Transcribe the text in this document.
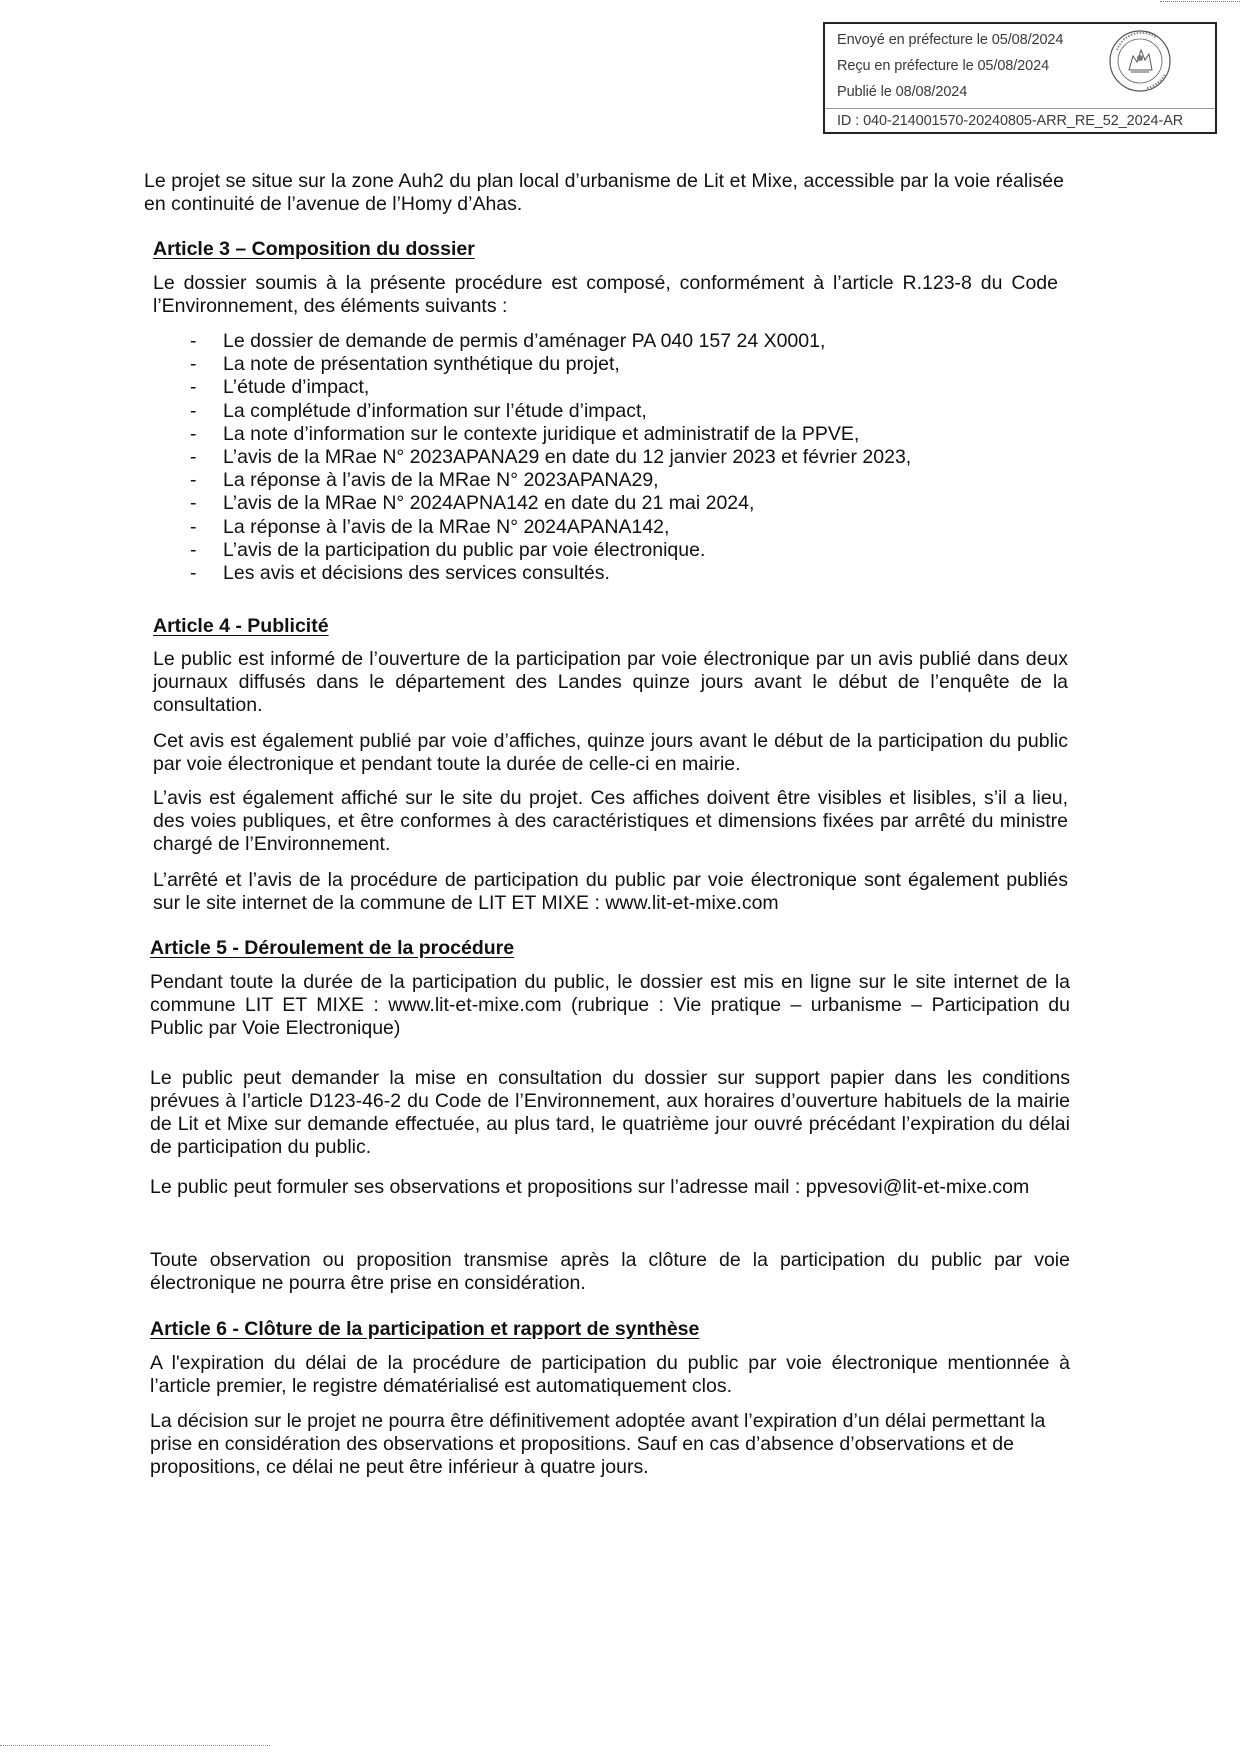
Envoyé en préfecture le 05/08/2024
Reçu en préfecture le 05/08/2024
Publié le 08/08/2024
ID : 040-214001570-20240805-ARR_RE_52_2024-AR

Le projet se situe sur la zone Auh2 du plan local d’urbanisme de Lit et Mixe, accessible par la voie réalisée en continuité de l’avenue de l’Homy d’Ahas.

Article 3 – Composition du dossier

Le dossier soumis à la présente procédure est composé, conformément à l’article R.123-8 du Code l’Environnement, des éléments suivants :

- Le dossier de demande de permis d’aménager PA 040 157 24 X0001,
- La note de présentation synthétique du projet,
- L’étude d’impact,
- La complétude d’information sur l’étude d’impact,
- La note d’information sur le contexte juridique et administratif de la PPVE,
- L’avis de la MRae N° 2023APANA29 en date du 12 janvier 2023 et février 2023,
- La réponse à l’avis de la MRae N° 2023APANA29,
- L’avis de la MRae N° 2024APNA142 en date du 21 mai 2024,
- La réponse à l’avis de la MRae N° 2024APANA142,
- L’avis de la participation du public par voie électronique.
- Les avis et décisions des services consultés.
Article 4 - Publicité

Le public est informé de l’ouverture de la participation par voie électronique par un avis publié dans deux journaux diffusés dans le département des Landes quinze jours avant le début de l’enquête de la consultation.

Cet avis est également publié par voie d’affiches, quinze jours avant le début de la participation du public par voie électronique et pendant toute la durée de celle-ci en mairie.

L’avis est également affiché sur le site du projet. Ces affiches doivent être visibles et lisibles, s’il a lieu, des voies publiques, et être conformes à des caractéristiques et dimensions fixées par arrêté du ministre chargé de l’Environnement.

L’arrêté et l’avis de la procédure de participation du public par voie électronique sont également publiés sur le site internet de la commune de LIT ET MIXE : www.lit-et-mixe.com

Article 5 - Déroulement de la procédure

Pendant toute la durée de la participation du public, le dossier est mis en ligne sur le site internet de la commune LIT ET MIXE : www.lit-et-mixe.com (rubrique : Vie pratique – urbanisme – Participation du Public par Voie Electronique)

Le public peut demander la mise en consultation du dossier sur support papier dans les conditions prévues à l’article D123-46-2 du Code de l’Environnement, aux horaires d’ouverture habituels de la mairie de Lit et Mixe sur demande effectuée, au plus tard, le quatrième jour ouvré précédant l’expiration du délai de participation du public.

Le public peut formuler ses observations et propositions sur l’adresse mail : ppvesovi@lit-et-mixe.com

Toute observation ou proposition transmise après la clôture de la participation du public par voie électronique ne pourra être prise en considération.

Article 6 - Clôture de la participation et rapport de synthèse

A l'expiration du délai de la procédure de participation du public par voie électronique mentionnée à l’article premier, le registre dématérialisé est automatiquement clos.

La décision sur le projet ne pourra être définitivement adoptée avant l’expiration d’un délai permettant la prise en considération des observations et propositions. Sauf en cas d’absence d’observations et de propositions, ce délai ne peut être inférieur à quatre jours.
